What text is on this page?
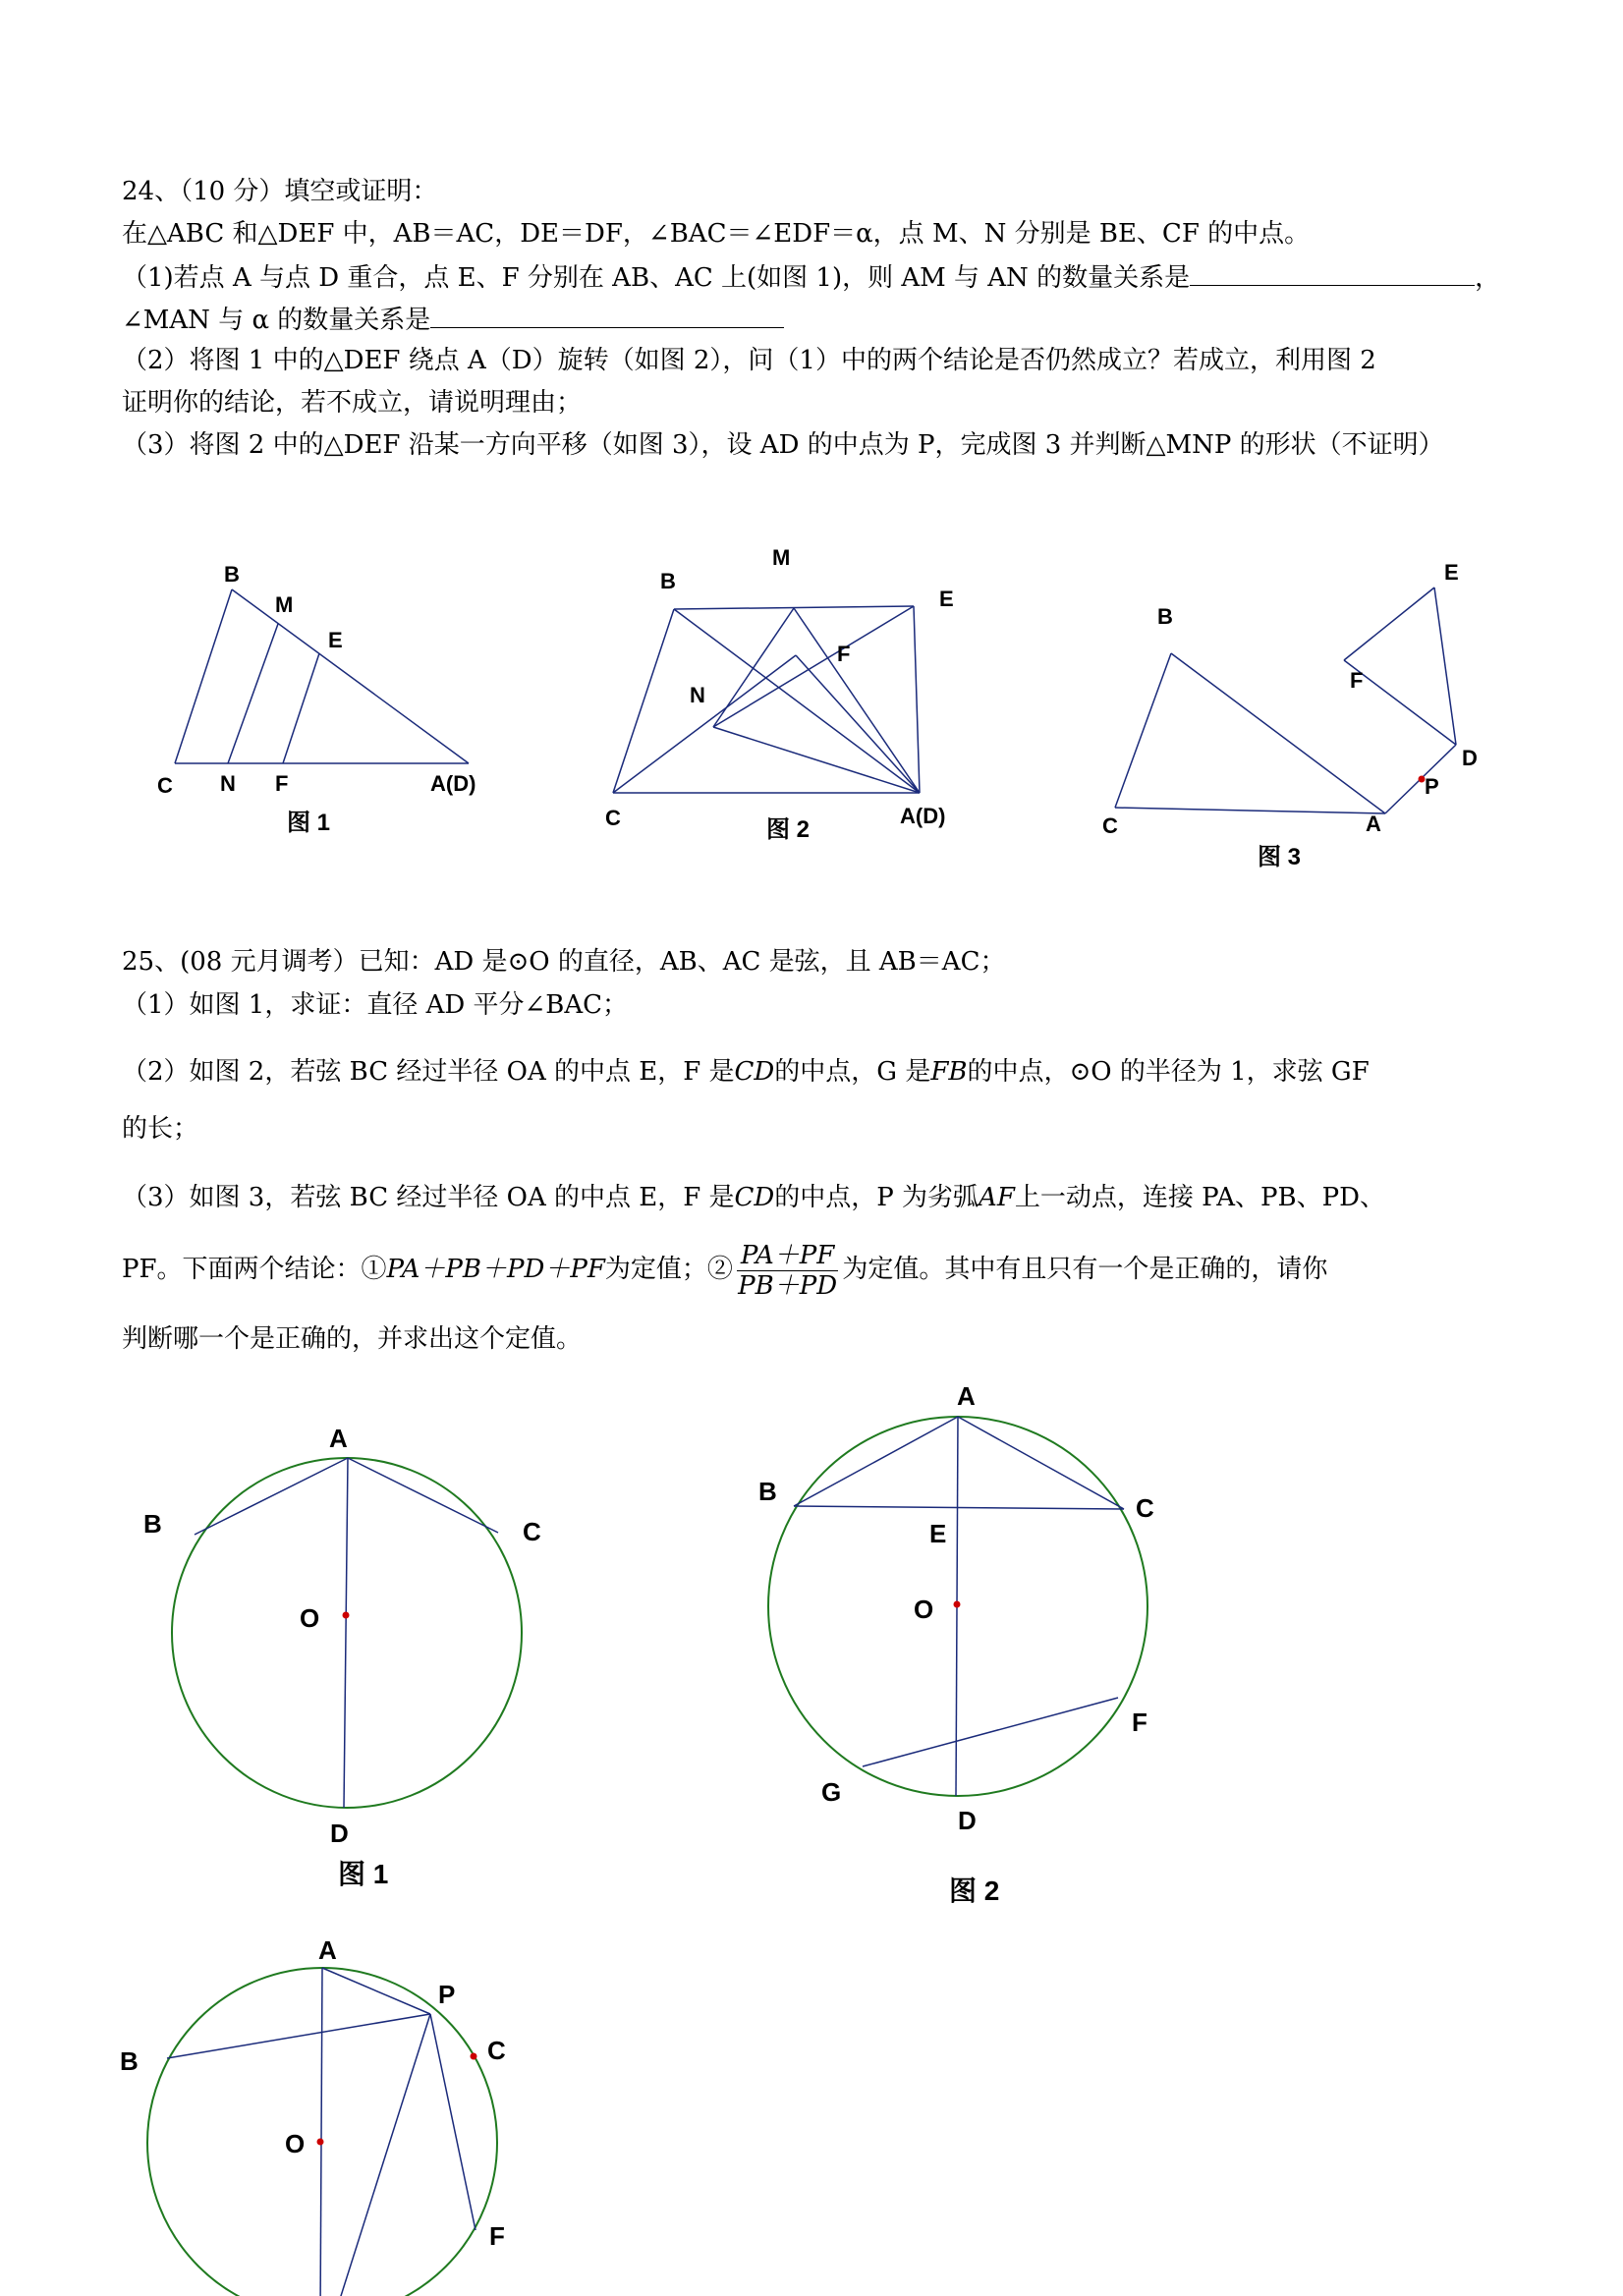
24、（10 分）填空或证明：
在△ABC 和△DEF 中，AB＝AC，DE＝DF，∠BAC＝∠EDF＝α，点 M、N 分别是 BE、CF 的中点。
（1)若点 A 与点 D 重合，点 E、F 分别在 AB、AC 上(如图 1)，则 AM 与 AN 的数量关系是	，
∠MAN 与 α 的数量关系是
（2）将图 1 中的△DEF 绕点 A（D）旋转（如图 2），问（1）中的两个结论是否仍然成立？若成立，利用图 2
证明你的结论，若不成立，请说明理由；
（3）将图 2 中的△DEF 沿某一方向平移（如图 3），设 AD 的中点为 P，完成图 3 并判断△MNP 的形状（不证明）
B
M
E
C N F	A(D)
图 1
B
M
E
F
N
C	A(D)
图 2
B
E
F
D
P
C	A
图 3
25、(08 元月调考）已知：AD 是⊙O 的直径，AB、AC 是弦，且 AB＝AC；
（1）如图 1，求证：直径 AD 平分∠BAC；
（2）如图 2，若弦 BC 经过半径 OA 的中点 E，F 是CD的中点，G 是FB的中点，⊙O 的半径为 1，求弦 GF
的长；
（3）如图 3，若弦 BC 经过半径 OA 的中点 E，F 是CD的中点，P 为劣弧AF上一动点，连接 PA、PB、PD、
PF。下面两个结论：①PA＋PB＋PD＋PF为定值；② $\frac{PA+PF}{PB+PD}$ 为定值。其中有且只有一个是正确的，请你
判断哪一个是正确的，并求出这个定值。
A
B	C
O
D
图 1
A
B
C
E
O
F
G
D
图 2
A
P
B	C
O
F
